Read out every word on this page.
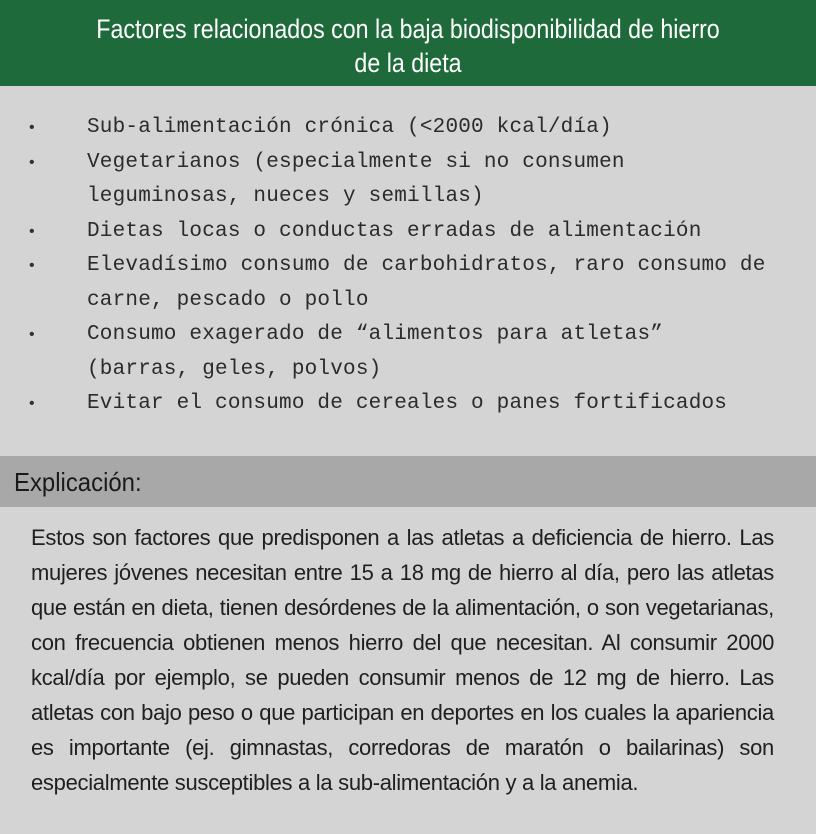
Factores relacionados con la baja biodisponibilidad de hierro
de la dieta
• Sub-alimentación crónica (<2000 kcal/día)
• Vegetarianos (especialmente si no consumen leguminosas, nueces y semillas)
• Dietas locas o conductas erradas de alimentación
• Elevadísimo consumo de carbohidratos, raro consumo de carne, pescado o pollo
• Consumo exagerado de “alimentos para atletas” (barras, geles, polvos)
• Evitar el consumo de cereales o panes fortificados
Explicación:
Estos son factores que predisponen a las atletas a deficiencia de hierro. Las mujeres jóvenes necesitan entre 15 a 18 mg de hierro al día, pero las atletas que están en dieta, tienen desórdenes de la alimentación, o son vegetarianas, con frecuencia obtienen menos hierro del que necesitan. Al consumir 2000 kcal/día por ejemplo, se pueden consumir menos de 12 mg de hierro. Las atletas con bajo peso o que participan en deportes en los cuales la apariencia es importante (ej. gimnastas, corredoras de maratón o bailarinas) son especialmente susceptibles a la sub-alimentación y a la anemia.
